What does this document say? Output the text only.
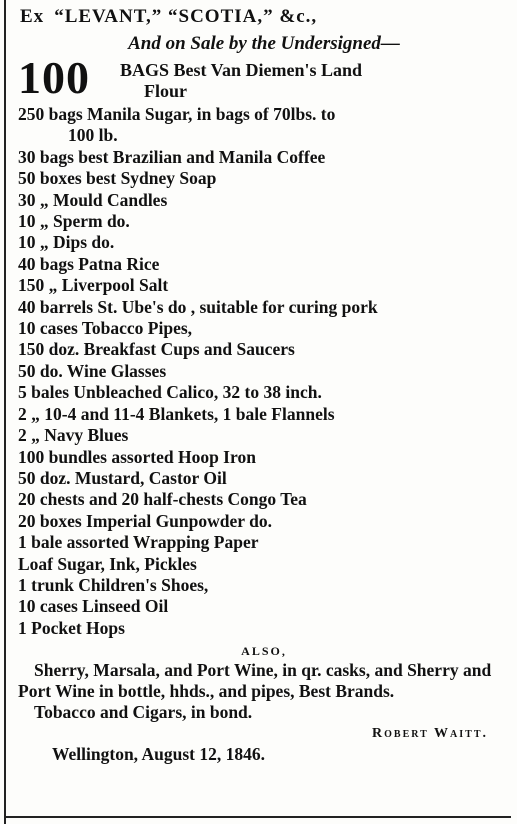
Ex “LEVANT,” “SCOTIA,” &c.,
And on Sale by the Undersigned—
100 BAGS Best Van Diemen's Land
Flour
250 bags Manila Sugar, in bags of 70lbs. to
100 lb.
30 bags best Brazilian and Manila Coffee
50 boxes best Sydney Soap
30 „ Mould Candles
10 „ Sperm do.
10 „ Dips do.
40 bags Patna Rice
150 „ Liverpool Salt
40 barrels St. Ube's do , suitable for curing pork
10 cases Tobacco Pipes,
150 doz. Breakfast Cups and Saucers
50 do. Wine Glasses
5 bales Unbleached Calico, 32 to 38 inch.
2 „ 10-4 and 11-4 Blankets, 1 bale Flannels
2 „ Navy Blues
100 bundles assorted Hoop Iron
50 doz. Mustard, Castor Oil
20 chests and 20 half-chests Congo Tea
20 boxes Imperial Gunpowder do.
1 bale assorted Wrapping Paper
Loaf Sugar, Ink, Pickles
1 trunk Children's Shoes,
10 cases Linseed Oil
1 Pocket Hops
ALSO,
Sherry, Marsala, and Port Wine, in qr. casks, and Sherry and Port Wine in bottle, hhds., and pipes, Best Brands.
Tobacco and Cigars, in bond.
Robert Waitt.
Wellington, August 12, 1846.
